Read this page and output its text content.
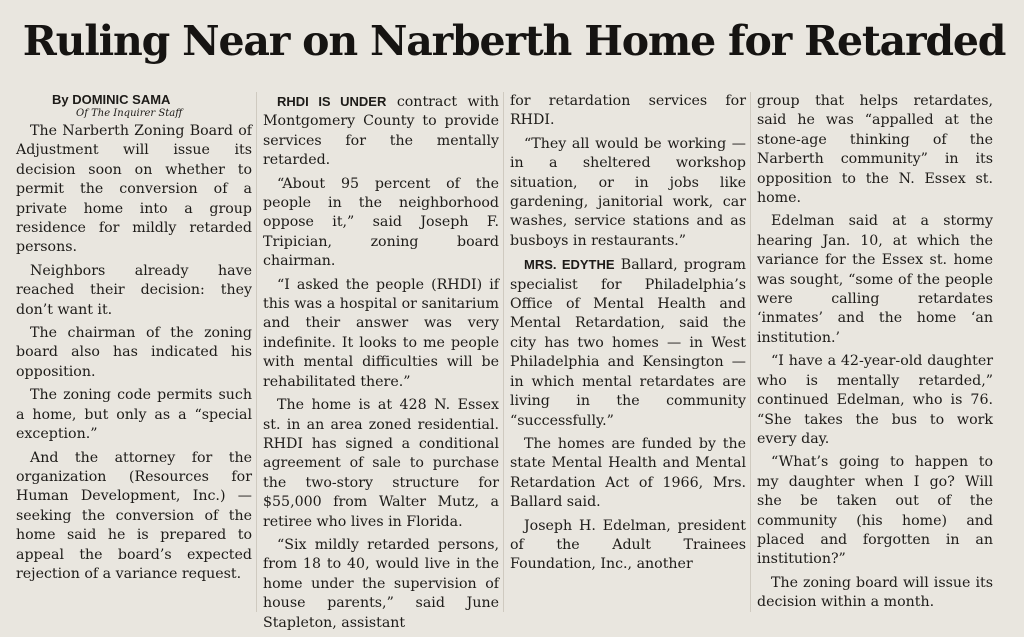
Ruling Near on Narberth Home for Retarded
By DOMINIC SAMA
Of The Inquirer Staff

The Narberth Zoning Board of Adjustment will issue its decision soon on whether to permit the conversion of a private home into a group residence for mildly retarded persons.

Neighbors already have reached their decision: they don’t want it.

The chairman of the zoning board also has indicated his opposition.

The zoning code permits such a home, but only as a “special exception.”

And the attorney for the organization (Resources for Human Development, Inc.) — seeking the conversion of the home said he is prepared to appeal the board’s expected rejection of a variance request.

RHDI IS UNDER contract with Montgomery County to provide services for the mentally retarded.

“About 95 percent of the people in the neighborhood oppose it,” said Joseph F. Tripician, zoning board chairman.

“I asked the people (RHDI) if this was a hospital or sanitarium and their answer was very indefinite. It looks to me people with mental difficulties will be rehabilitated there.”

The home is at 428 N. Essex st. in an area zoned residential. RHDI has signed a conditional agreement of sale to purchase the two-story structure for $55,000 from Walter Mutz, a retiree who lives in Florida.

“Six mildly retarded persons, from 18 to 40, would live in the home under the supervision of house parents,” said June Stapleton, assistant

for retardation services for RHDI.

“They all would be working — in a sheltered workshop situation, or in jobs like gardening, janitorial work, car washes, service stations and as busboys in restaurants.”

MRS. EDYTHE Ballard, program specialist for Philadelphia’s Office of Mental Health and Mental Retardation, said the city has two homes — in West Philadelphia and Kensington — in which mental retardates are living in the community “successfully.”

The homes are funded by the state Mental Health and Mental Retardation Act of 1966, Mrs. Ballard said.

Joseph H. Edelman, president of the Adult Trainees Foundation, Inc., another

group that helps retardates, said he was “appalled at the stone-age thinking of the Narberth community” in its opposition to the N. Essex st. home.

Edelman said at a stormy hearing Jan. 10, at which the variance for the Essex st. home was sought, “some of the people were calling retardates ‘inmates’ and the home ‘an institution.’

“I have a 42-year-old daughter who is mentally retarded,” continued Edelman, who is 76. “She takes the bus to work every day.

“What’s going to happen to my daughter when I go? Will she be taken out of the community (his home) and placed and forgotten in an institution?”

The zoning board will issue its decision within a month.
